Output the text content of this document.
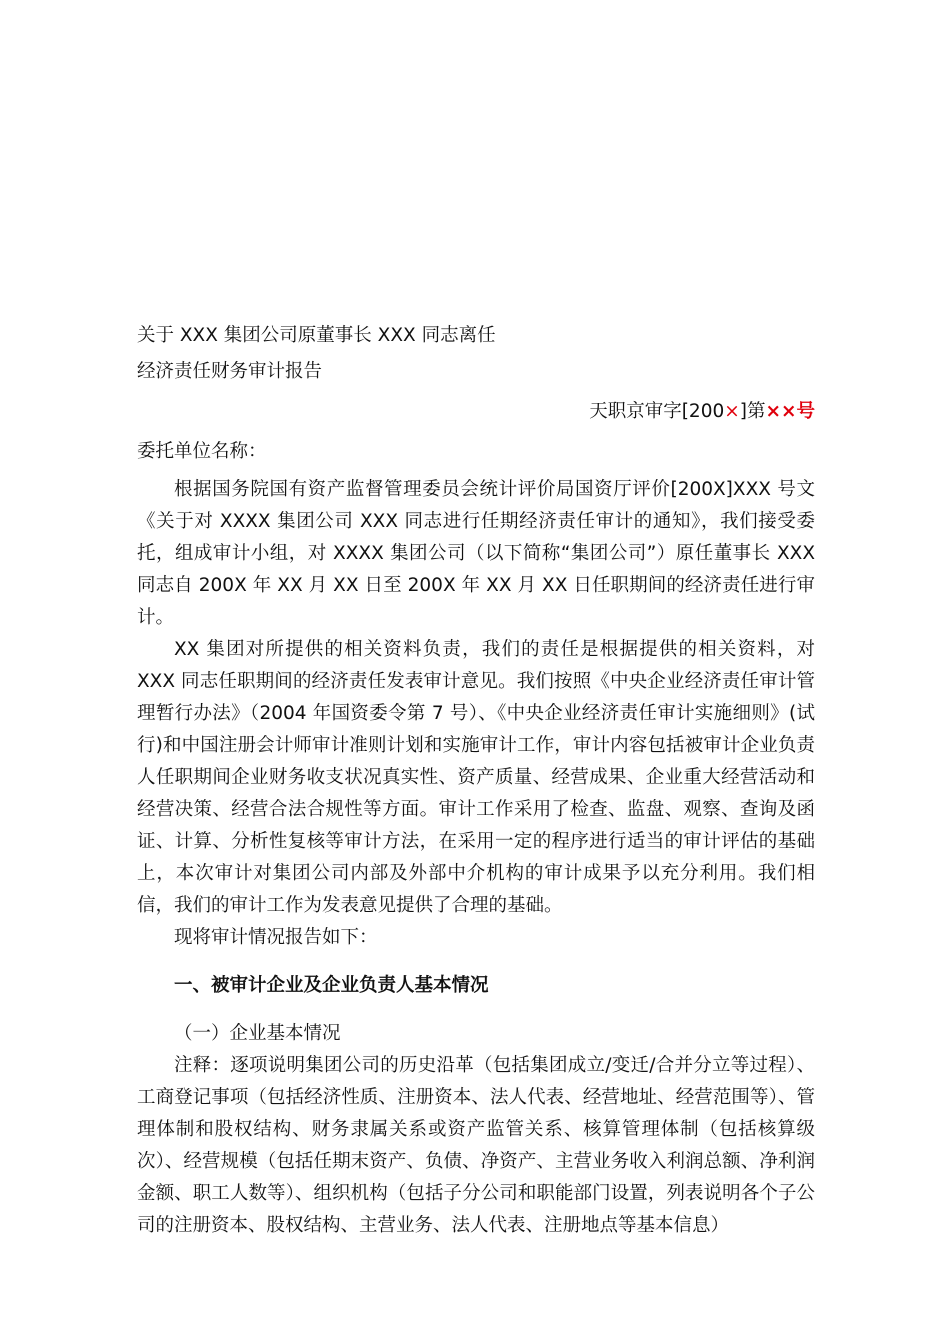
关于 XXX 集团公司原董事长 XXX 同志离任
经济责任财务审计报告
天职京审字[200×]第××号
委托单位名称：

根据国务院国有资产监督管理委员会统计评价局国资厅评价[200X]XXX 号文《关于对 XXXX 集团公司 XXX 同志进行任期经济责任审计的通知》，我们接受委托，组成审计小组，对 XXXX 集团公司（以下简称“集团公司”）原任董事长 XXX 同志自 200X 年 XX 月 XX 日至 200X 年 XX 月 XX 日任职期间的经济责任进行审计。

XX 集团对所提供的相关资料负责，我们的责任是根据提供的相关资料，对 XXX 同志任职期间的经济责任发表审计意见。我们按照《中央企业经济责任审计管理暂行办法》（2004 年国资委令第 7 号）、《中央企业经济责任审计实施细则》(试行)和中国注册会计师审计准则计划和实施审计工作，审计内容包括被审计企业负责人任职期间企业财务收支状况真实性、资产质量、经营成果、企业重大经营活动和经营决策、经营合法合规性等方面。审计工作采用了检查、监盘、观察、查询及函证、计算、分析性复核等审计方法，在采用一定的程序进行适当的审计评估的基础上，本次审计对集团公司内部及外部中介机构的审计成果予以充分利用。我们相信，我们的审计工作为发表意见提供了合理的基础。

现将审计情况报告如下：

一、被审计企业及企业负责人基本情况
（一）企业基本情况

注释：逐项说明集团公司的历史沿革（包括集团成立/变迁/合并分立等过程）、工商登记事项（包括经济性质、注册资本、法人代表、经营地址、经营范围等）、管理体制和股权结构、财务隶属关系或资产监管关系、核算管理体制（包括核算级次）、经营规模（包括任期末资产、负债、净资产、主营业务收入利润总额、净利润金额、职工人数等）、组织机构（包括子分公司和职能部门设置，列表说明各个子公司的注册资本、股权结构、主营业务、法人代表、注册地点等基本信息）
